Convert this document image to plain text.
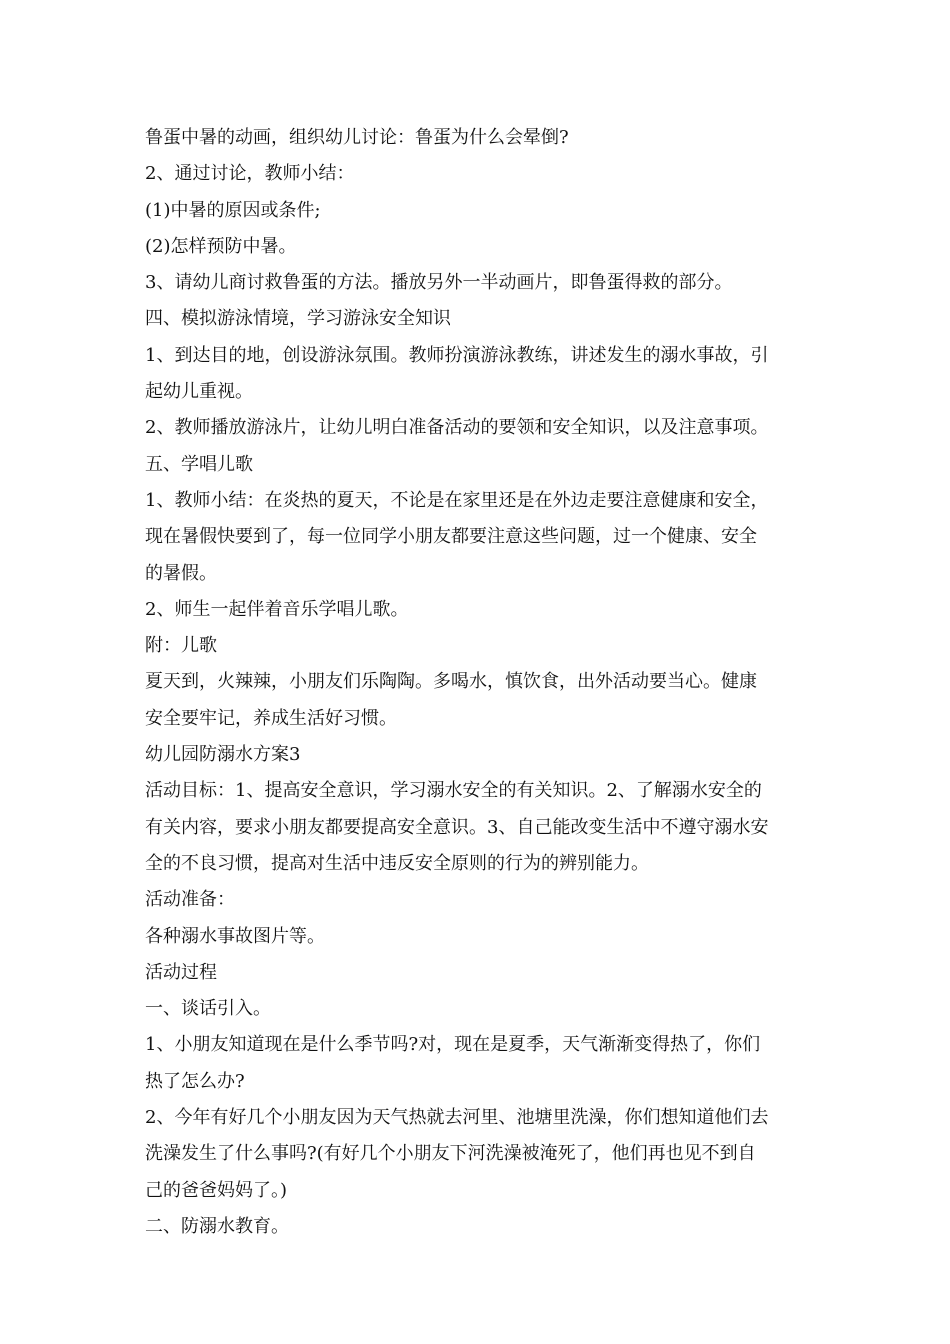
鲁蛋中暑的动画，组织幼儿讨论：鲁蛋为什么会晕倒?
2、通过讨论，教师小结：
(1)中暑的原因或条件;
(2)怎样预防中暑。
3、请幼儿商讨救鲁蛋的方法。播放另外一半动画片，即鲁蛋得救的部分。
四、模拟游泳情境，学习游泳安全知识
1、到达目的地，创设游泳氛围。教师扮演游泳教练，讲述发生的溺水事故，引
起幼儿重视。
2、教师播放游泳片，让幼儿明白准备活动的要领和安全知识，以及注意事项。
五、学唱儿歌
1、教师小结：在炎热的夏天，不论是在家里还是在外边走要注意健康和安全，
现在暑假快要到了，每一位同学小朋友都要注意这些问题，过一个健康、安全
的暑假。
2、师生一起伴着音乐学唱儿歌。
附：儿歌
夏天到，火辣辣，小朋友们乐陶陶。多喝水，慎饮食，出外活动要当心。健康
安全要牢记，养成生活好习惯。
幼儿园防溺水方案3
活动目标：1、提高安全意识，学习溺水安全的有关知识。2、了解溺水安全的
有关内容，要求小朋友都要提高安全意识。3、自己能改变生活中不遵守溺水安
全的不良习惯，提高对生活中违反安全原则的行为的辨别能力。
活动准备：
各种溺水事故图片等。
活动过程
一、谈话引入。
1、小朋友知道现在是什么季节吗?对，现在是夏季，天气渐渐变得热了，你们
热了怎么办?
2、今年有好几个小朋友因为天气热就去河里、池塘里洗澡，你们想知道他们去
洗澡发生了什么事吗?(有好几个小朋友下河洗澡被淹死了，他们再也见不到自
己的爸爸妈妈了。)
二、防溺水教育。
